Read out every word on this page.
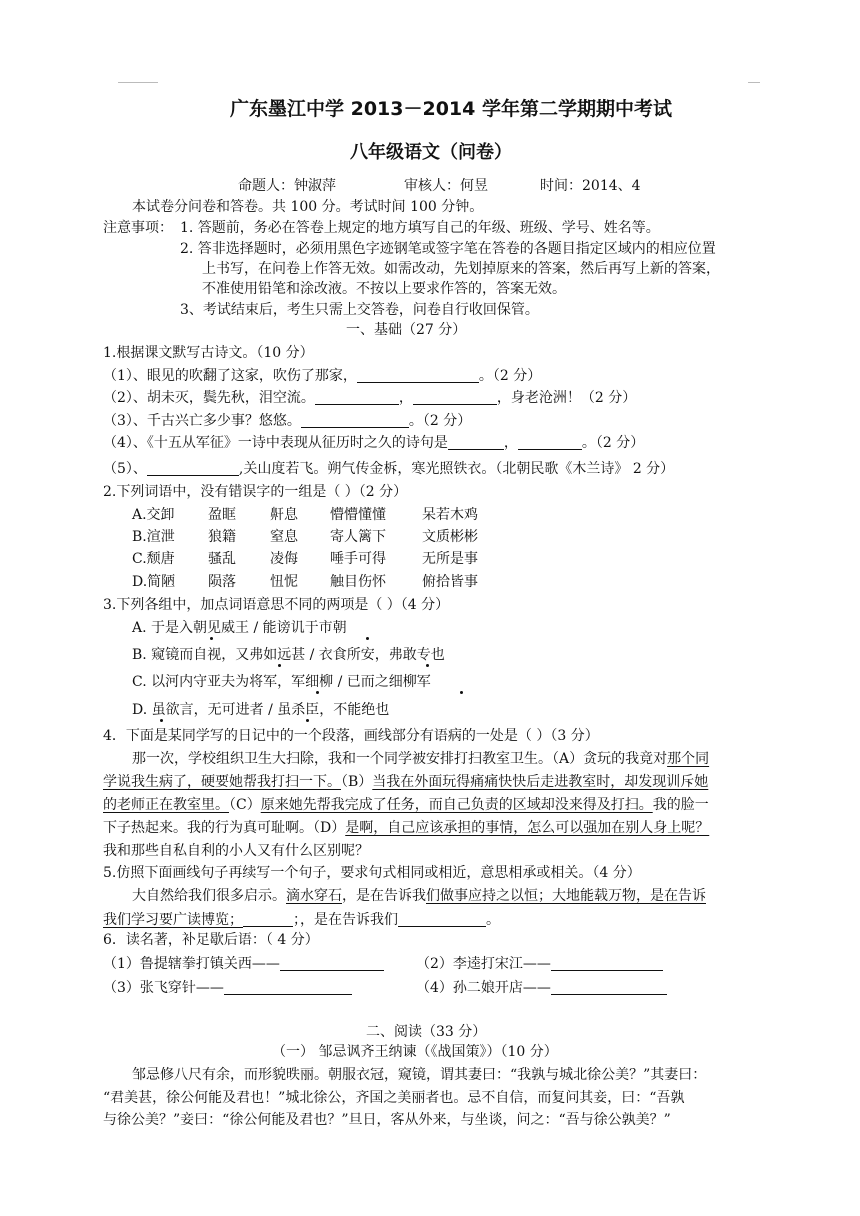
广东墨江中学 2013－2014 学年第二学期期中考试
八年级语文（问卷）
命题人：钟淑萍	审核人：何昱	时间：2014、4
本试卷分问卷和答卷。共 100 分。考试时间 100 分钟。
注意事项： 1. 答题前，务必在答卷上规定的地方填写自己的年级、班级、学号、姓名等。
2. 答非选择题时，必须用黑色字迹钢笔或签字笔在答卷的各题目指定区域内的相应位置
上书写，在问卷上作答无效。如需改动，先划掉原来的答案，然后再写上新的答案，
不准使用铅笔和涂改液。不按以上要求作答的，答案无效。
3、考试结束后，考生只需上交答卷，问卷自行收回保管。
一、基础（27 分）
1.根据课文默写古诗文。（10 分）
（1）、眼见的吹翻了这家，吹伤了那家，	。（2 分）
（2）、胡未灭，鬓先秋，泪空流。	，	，身老沧洲！（2 分）
（3）、千古兴亡多少事？悠悠。	。（2 分）
（4）、《十五从军征》一诗中表现从征历时之久的诗句是	，	。（2 分）
（5）、	,关山度若飞。朔气传金柝，寒光照铁衣。（北朝民歌《木兰诗》 2 分）
2.下列词语中，没有错误字的一组是（ ）（2 分）
A.交卸 盈眶 鼾息 懵懵懂懂	呆若木鸡
B.渲泄 狼籍 窒息 寄人篱下	文质彬彬
C.颓唐 骚乱 凌侮 唾手可得	无所是事
D.简陋 陨落 忸怩 触目伤怀	俯拾皆事
3.下列各组中，加点词语意思不同的两项是（ ）（4 分）
A. 于是入朝见威王 / 能谤讥于市朝
B. 窥镜而自视，又弗如远甚 / 衣食所安，弗敢专也
C. 以河内守亚夫为将军，军细柳 / 已而之细柳军
D. 虽欲言，无可进者 / 虽杀臣，不能绝也
4．下面是某同学写的日记中的一个段落，画线部分有语病的一处是（ ）（3 分）
那一次，学校组织卫生大扫除，我和一个同学被安排打扫教室卫生。（A）贪玩的我竟对那个同
学说我生病了，硬要她帮我打扫一下。（B）当我在外面玩得痛痛快快后走进教室时，却发现训斥她
的老师正在教室里。（C）原来她先帮我完成了任务，而自己负责的区域却没来得及打扫。我的脸一
下子热起来。我的行为真可耻啊。（D）是啊，自己应该承担的事情，怎么可以强加在别人身上呢？
我和那些自私自利的小人又有什么区别呢？
5.仿照下面画线句子再续写一个句子，要求句式相同或相近，意思相承或相关。（4 分）
大自然给我们很多启示。滴水穿石，是在告诉我们做事应持之以恒；大地能载万物，是在告诉
我们学习要广读博览；	；，是在告诉我们	。
6．读名著，补足歇后语：（ 4 分）
（1）鲁提辖拳打镇关西——	（2）李逵打宋江——
（3）张飞穿针——	（4）孙二娘开店——
二、阅读（33 分）
（一） 邹忌讽齐王纳谏（《战国策》）（10 分）
邹忌修八尺有余，而形貌昳丽。朝服衣冠，窥镜，谓其妻曰：“我孰与城北徐公美？”其妻曰：
“君美甚，徐公何能及君也！”城北徐公，齐国之美丽者也。忌不自信，而复问其妾，曰：“吾孰
与徐公美？”妾曰：“徐公何能及君也？”旦日，客从外来，与坐谈，问之：“吾与徐公孰美？”
